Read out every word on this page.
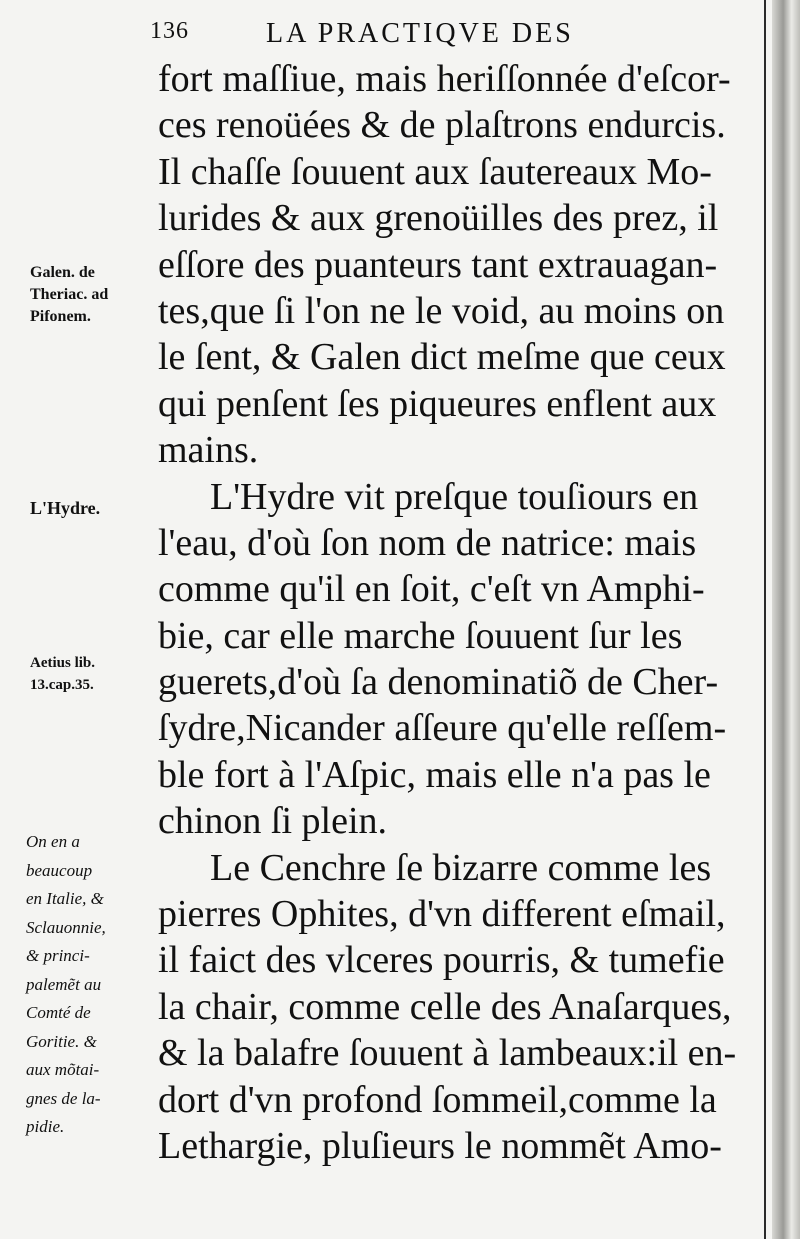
136	LA PRACTIQVE DES
Galen. de
Theriac. ad
Pifonem.
L'Hydre.
Aetius lib.
13.cap.35.
On en a
beaucoup
en Italie, &
Sclauonnie,
& princi-
palemẽt au
Comté de
Goritie. &
aux mõtai-
gnes de la-
pidie.
fort maſſiue, mais heriſſonnée d'eſcor-
ces renoüées & de plaſtrons endurcis.
Il chaſſe ſouuent aux ſautereaux Mo-
lurides & aux grenoüilles des prez, il
eſſore des puanteurs tant extrauagan-
tes,que ſi l'on ne le void, au moins on
le ſent, & Galen dict meſme que ceux
qui penſent ſes piqueures enflent aux
mains.
L'Hydre vit preſque touſiours en
l'eau, d'où ſon nom de natrice: mais
comme qu'il en ſoit, c'eſt vn Amphi-
bie, car elle marche ſouuent ſur les
guerets,d'où ſa denominatiõ de Cher-
ſydre,Nicander aſſeure qu'elle reſſem-
ble fort à l'Aſpic, mais elle n'a pas le
chinon ſi plein.
Le Cenchre ſe bizarre comme les
pierres Ophites, d'vn different eſmail,
il faict des vlceres pourris, & tumefie
la chair, comme celle des Anaſarques,
& la balafre ſouuent à lambeaux:il en-
dort d'vn profond ſommeil,comme la
Lethargie, pluſieurs le nommẽt Amo-
